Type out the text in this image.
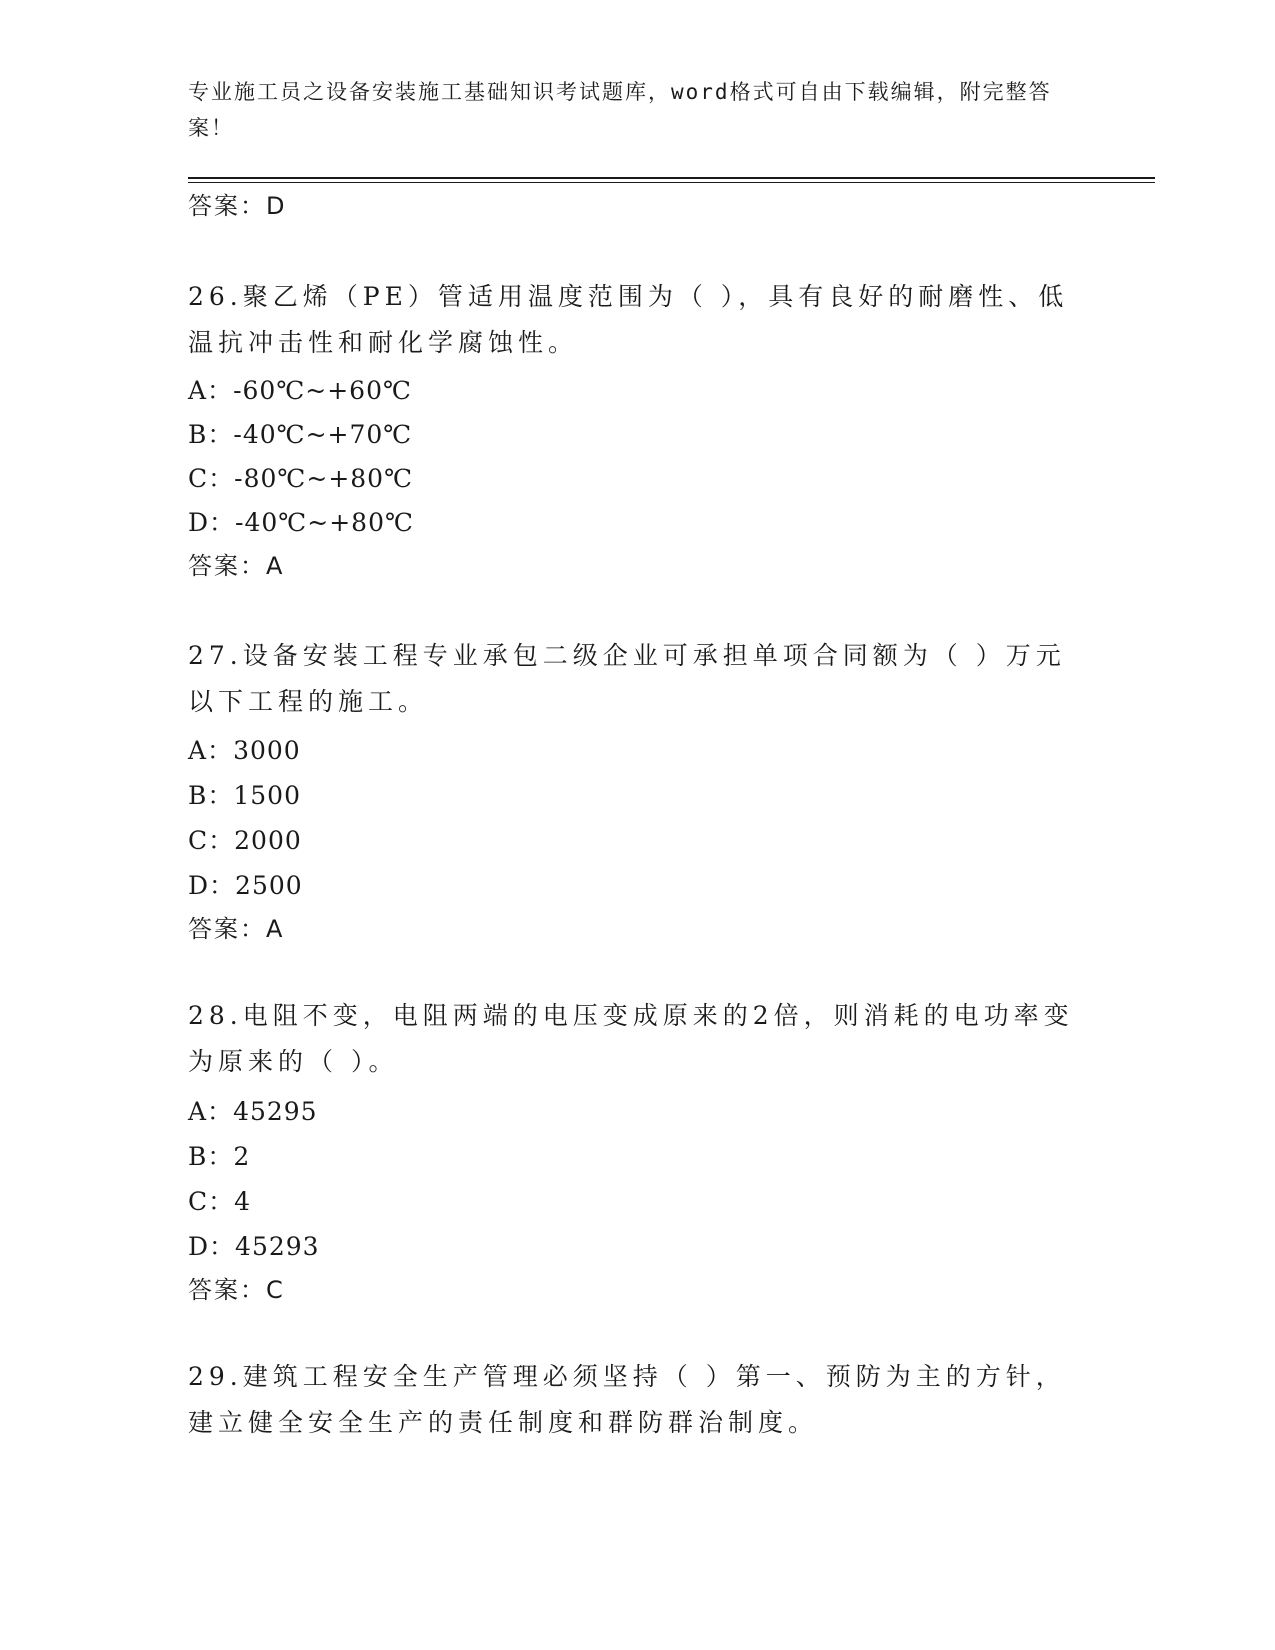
专业施工员之设备安装施工基础知识考试题库，word格式可自由下载编辑，附完整答案！
答案：D
26.聚乙烯（PE）管适用温度范围为（ ），具有良好的耐磨性、低温抗冲击性和耐化学腐蚀性。
A：-60℃~+60℃
B：-40℃~+70℃
C：-80℃~+80℃
D：-40℃~+80℃
答案：A
27.设备安装工程专业承包二级企业可承担单项合同额为（ ）万元以下工程的施工。
A：3000
B：1500
C：2000
D：2500
答案：A
28.电阻不变，电阻两端的电压变成原来的2倍，则消耗的电功率变为原来的（ ）。
A：45295
B：2
C：4
D：45293
答案：C
29.建筑工程安全生产管理必须坚持（ ）第一、预防为主的方针，建立健全安全生产的责任制度和群防群治制度。
